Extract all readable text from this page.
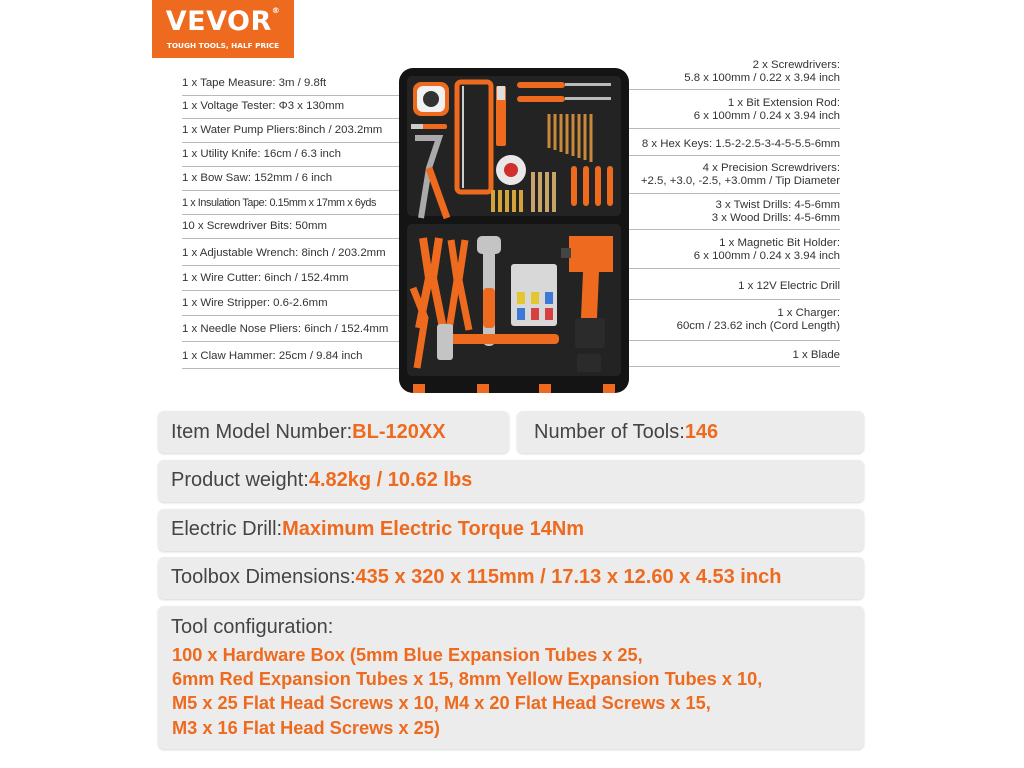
VEVOR®
TOUGH TOOLS, HALF PRICE
1 x Tape Measure: 3m / 9.8ft
1 x Voltage Tester: Φ3 x 130mm
1 x Water Pump Pliers:8inch / 203.2mm
1 x Utility Knife: 16cm / 6.3 inch
1 x Bow Saw: 152mm / 6 inch
1 x Insulation Tape: 0.15mm x 17mm x 6yds
10 x Screwdriver Bits: 50mm
1 x Adjustable Wrench: 8inch / 203.2mm
1 x Wire Cutter: 6inch / 152.4mm
1 x Wire Stripper: 0.6-2.6mm
1 x Needle Nose Pliers: 6inch / 152.4mm
1 x Claw Hammer: 25cm / 9.84 inch
2 x Screwdrivers:
5.8 x 100mm / 0.22 x 3.94 inch
1 x Bit Extension Rod:
6 x 100mm / 0.24 x 3.94 inch
8 x Hex Keys: 1.5-2-2.5-3-4-5-5.5-6mm
4 x Precision Screwdrivers:
+2.5, +3.0, -2.5, +3.0mm / Tip Diameter
3 x Twist Drills: 4-5-6mm
3 x Wood Drills: 4-5-6mm
1 x Magnetic Bit Holder:
6 x 100mm / 0.24 x 3.94 inch
1 x 12V Electric Drill
1 x Charger:
60cm / 23.62 inch (Cord Length)
1 x Blade
Item Model Number:BL-120XX	Number of Tools:146
Product weight:4.82kg / 10.62 lbs
Electric Drill:Maximum Electric Torque 14Nm
Toolbox Dimensions:435 x 320 x 115mm / 17.13 x 12.60 x 4.53 inch
Tool configuration:
100 x Hardware Box (5mm Blue Expansion Tubes x 25,
6mm Red Expansion Tubes x 15, 8mm Yellow Expansion Tubes x 10,
M5 x 25 Flat Head Screws x 10, M4 x 20 Flat Head Screws x 15,
M3 x 16 Flat Head Screws x 25)
